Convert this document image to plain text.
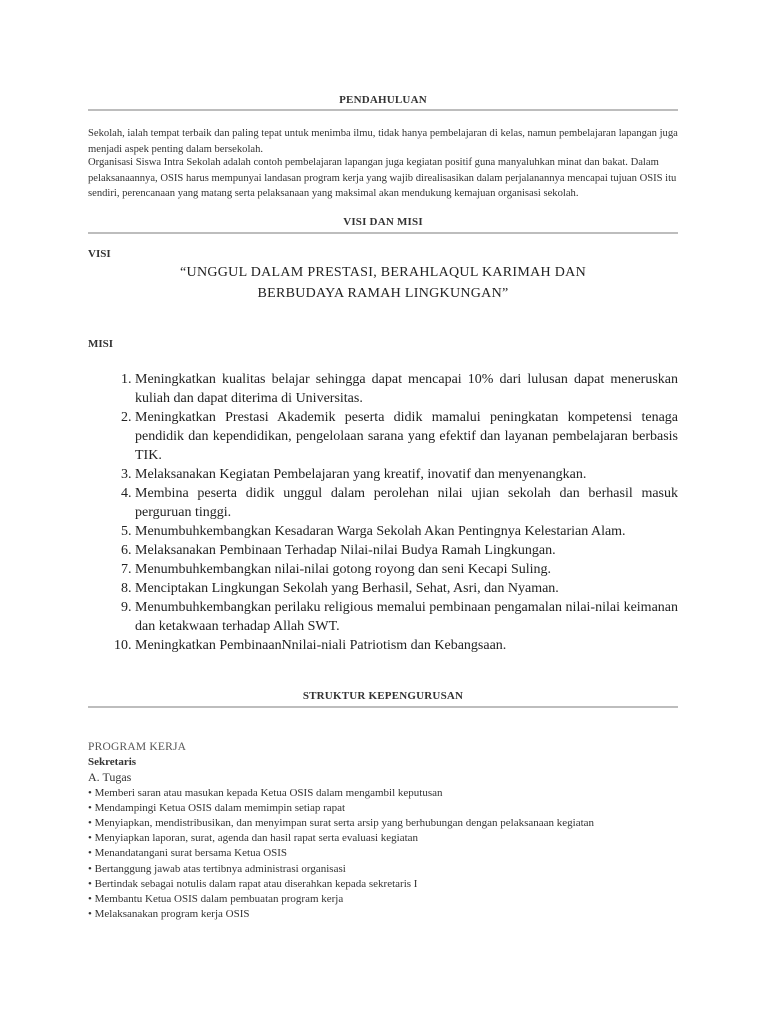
PENDAHULUAN

Sekolah, ialah tempat terbaik dan paling tepat untuk menimba ilmu, tidak hanya pembelajaran di kelas, namun pembelajaran lapangan juga menjadi aspek penting dalam bersekolah.

Organisasi Siswa Intra Sekolah adalah contoh pembelajaran lapangan juga kegiatan positif guna manyaluhkan minat dan bakat. Dalam pelaksanaannya, OSIS harus mempunyai landasan program kerja yang wajib direalisasikan dalam perjalanannya mencapai tujuan OSIS itu sendiri, perencanaan yang matang serta pelaksanaan yang maksimal akan mendukung kemajuan organisasi sekolah.

VISI DAN MISI
VISI

“UNGGUL DALAM PRESTASI, BERAHLAQUL KARIMAH DAN
BERBUDAYA RAMAH LINGKUNGAN”

MISI
1. Meningkatkan kualitas belajar sehingga dapat mencapai 10% dari lulusan dapat meneruskan kuliah dan dapat diterima di Universitas.
2. Meningkatkan Prestasi Akademik peserta didik mamalui peningkatan kompetensi tenaga pendidik dan kependidikan, pengelolaan sarana yang efektif dan layanan pembelajaran berbasis TIK.
3. Melaksanakan Kegiatan Pembelajaran yang kreatif, inovatif dan menyenangkan.
4. Membina peserta didik unggul dalam perolehan nilai ujian sekolah dan berhasil masuk perguruan tinggi.
5. Menumbuhkembangkan Kesadaran Warga Sekolah Akan Pentingnya Kelestarian Alam.
6. Melaksanakan Pembinaan Terhadap Nilai-nilai Budya Ramah Lingkungan.
7. Menumbuhkembangkan nilai-nilai gotong royong dan seni Kecapi Suling.
8. Menciptakan Lingkungan Sekolah yang Berhasil, Sehat, Asri, dan Nyaman.
9. Menumbuhkembangkan perilaku religious memalui pembinaan pengamalan nilai-nilai keimanan dan ketakwaan terhadap Allah SWT.
10. Meningkatkan PembinaanNnilai-niali Patriotism dan Kebangsaan.
STRUKTUR KEPENGURUSAN
PROGRAM KERJA
Sekretaris
A. Tugas
• Memberi saran atau masukan kepada Ketua OSIS dalam mengambil keputusan
• Mendampingi Ketua OSIS dalam memimpin setiap rapat
• Menyiapkan, mendistribusikan, dan menyimpan surat serta arsip yang berhubungan dengan pelaksanaan kegiatan
• Menyiapkan laporan, surat, agenda dan hasil rapat serta evaluasi kegiatan
• Menandatangani surat bersama Ketua OSIS
• Bertanggung jawab atas tertibnya administrasi organisasi
• Bertindak sebagai notulis dalam rapat atau diserahkan kepada sekretaris I
• Membantu Ketua OSIS dalam pembuatan program kerja
• Melaksanakan program kerja OSIS
